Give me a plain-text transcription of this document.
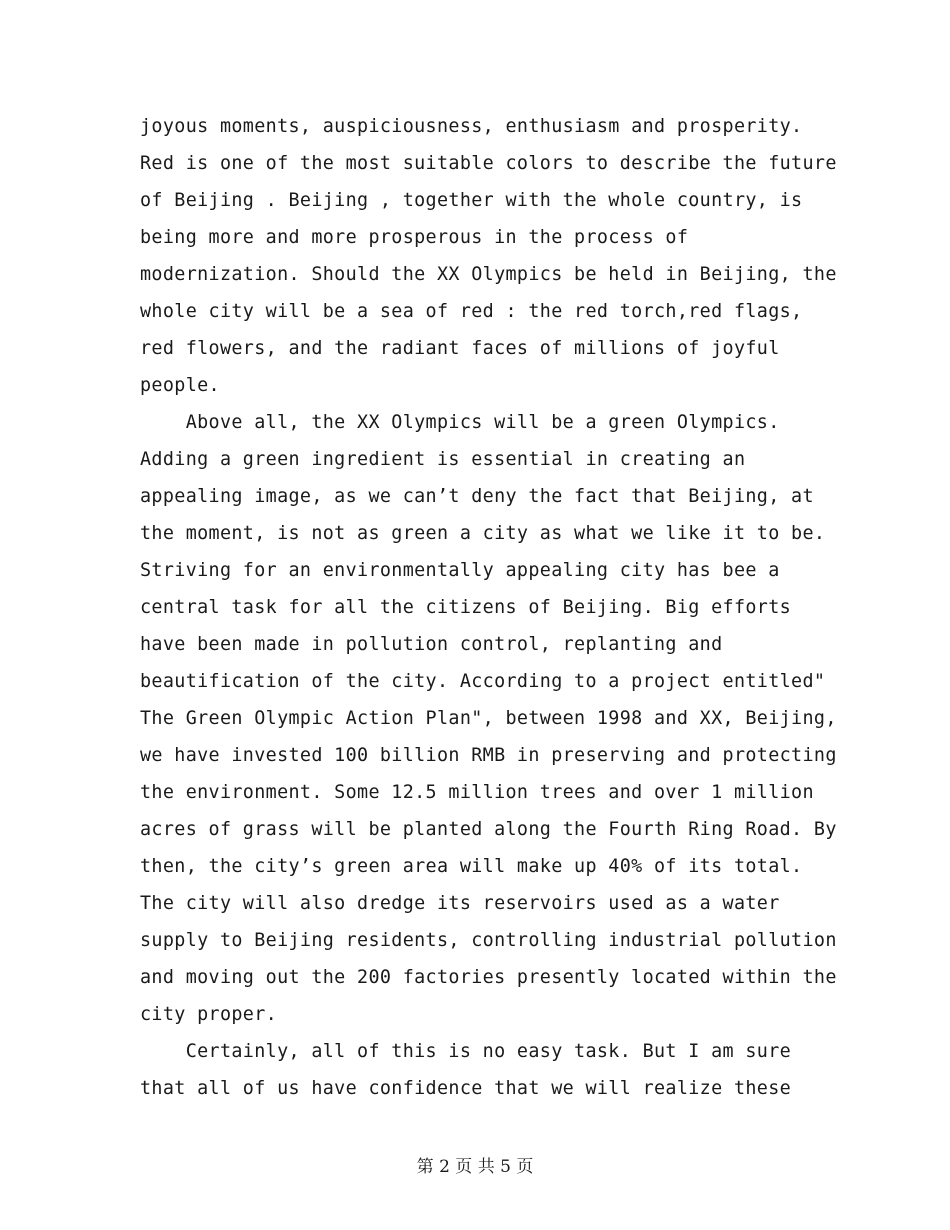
joyous moments, auspiciousness, enthusiasm and prosperity.
Red is one of the most suitable colors to describe the future
of Beijing . Beijing , together with the whole country, is
being more and more prosperous in the process of
modernization. Should the XX Olympics be held in Beijing, the
whole city will be a sea of red : the red torch,red flags,
red flowers, and the radiant faces of millions of joyful
people.
Above all, the XX Olympics will be a green Olympics.
Adding a green ingredient is essential in creating an
appealing image, as we can’t deny the fact that Beijing, at
the moment, is not as green a city as what we like it to be.
Striving for an environmentally appealing city has bee a
central task for all the citizens of Beijing. Big efforts
have been made in pollution control, replanting and
beautification of the city. According to a project entitled"
The Green Olympic Action Plan", between 1998 and XX, Beijing,
we have invested 100 billion RMB in preserving and protecting
the environment. Some 12.5 million trees and over 1 million
acres of grass will be planted along the Fourth Ring Road. By
then, the city’s green area will make up 40% of its total.
The city will also dredge its reservoirs used as a water
supply to Beijing residents, controlling industrial pollution
and moving out the 200 factories presently located within the
city proper.
Certainly, all of this is no easy task. But I am sure
that all of us have confidence that we will realize these
第 2 页 共 5 页
